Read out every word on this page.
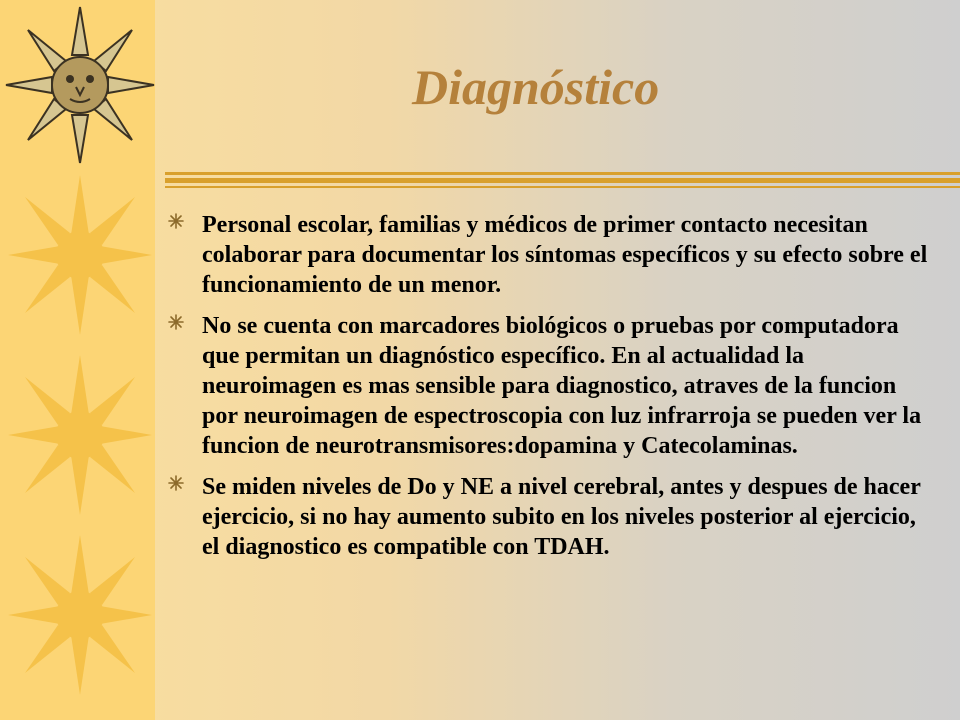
Diagnóstico
Personal escolar, familias y médicos de primer contacto necesitan colaborar para documentar los síntomas específicos y su efecto sobre el funcionamiento de un menor.
No se cuenta con marcadores biológicos o pruebas por computadora que permitan un diagnóstico específico. En al actualidad la neuroimagen es mas sensible para diagnostico, atraves de la funcion por neuroimagen de espectroscopia con luz infrarroja se pueden ver la funcion de neurotransmisores:dopamina y Catecolaminas.
Se miden niveles de Do y NE a nivel cerebral, antes y despues de hacer ejercicio, si no hay aumento subito en los niveles posterior al ejercicio, el diagnostico es compatible con TDAH.
